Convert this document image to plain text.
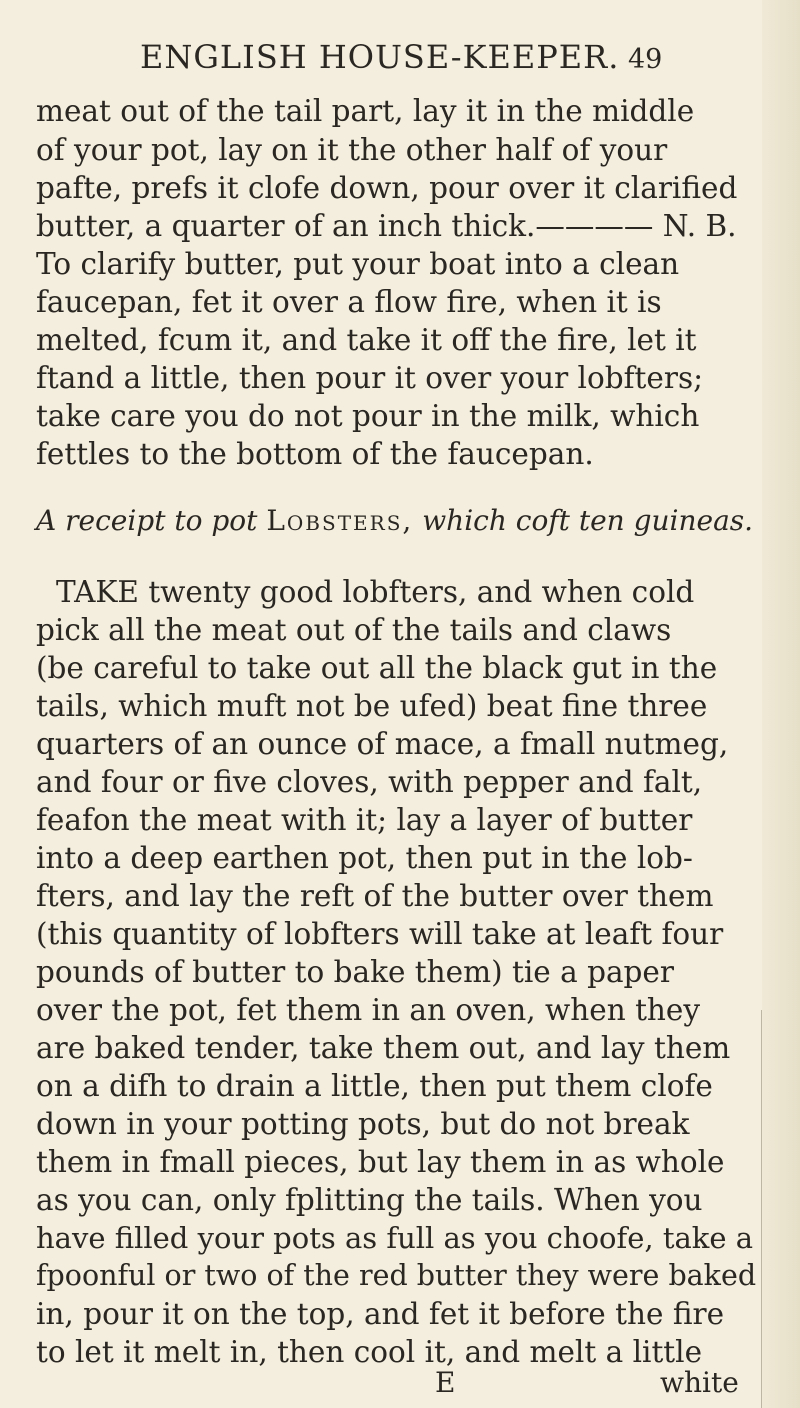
ENGLISH HOUSE-KEEPER. 49
meat out of the tail part, lay it in the middle
of your pot, lay on it the other half of your
pafte, prefs it clofe down, pour over it clarified
butter, a quarter of an inch thick.———— N. B.
To clarify butter, put your boat into a clean
faucepan, fet it over a flow fire, when it is
melted, fcum it, and take it off the fire, let it
ftand a little, then pour it over your lobfters;
take care you do not pour in the milk, which
fettles to the bottom of the faucepan.
A receipt to pot Lobsters, which coft ten guineas.
TAKE twenty good lobfters, and when cold
pick all the meat out of the tails and claws
(be careful to take out all the black gut in the
tails, which muft not be ufed) beat fine three
quarters of an ounce of mace, a fmall nutmeg,
and four or five cloves, with pepper and falt,
feafon the meat with it; lay a layer of butter
into a deep earthen pot, then put in the lob-
fters, and lay the reft of the butter over them
(this quantity of lobfters will take at leaft four
pounds of butter to bake them) tie a paper
over the pot, fet them in an oven, when they
are baked tender, take them out, and lay them
on a difh to drain a little, then put them clofe
down in your potting pots, but do not break
them in fmall pieces, but lay them in as whole
as you can, only fplitting the tails. When you
have filled your pots as full as you choofe, take a
fpoonful or two of the red butter they were baked
in, pour it on the top, and fet it before the fire
to let it melt in, then cool it, and melt a little
E	white
